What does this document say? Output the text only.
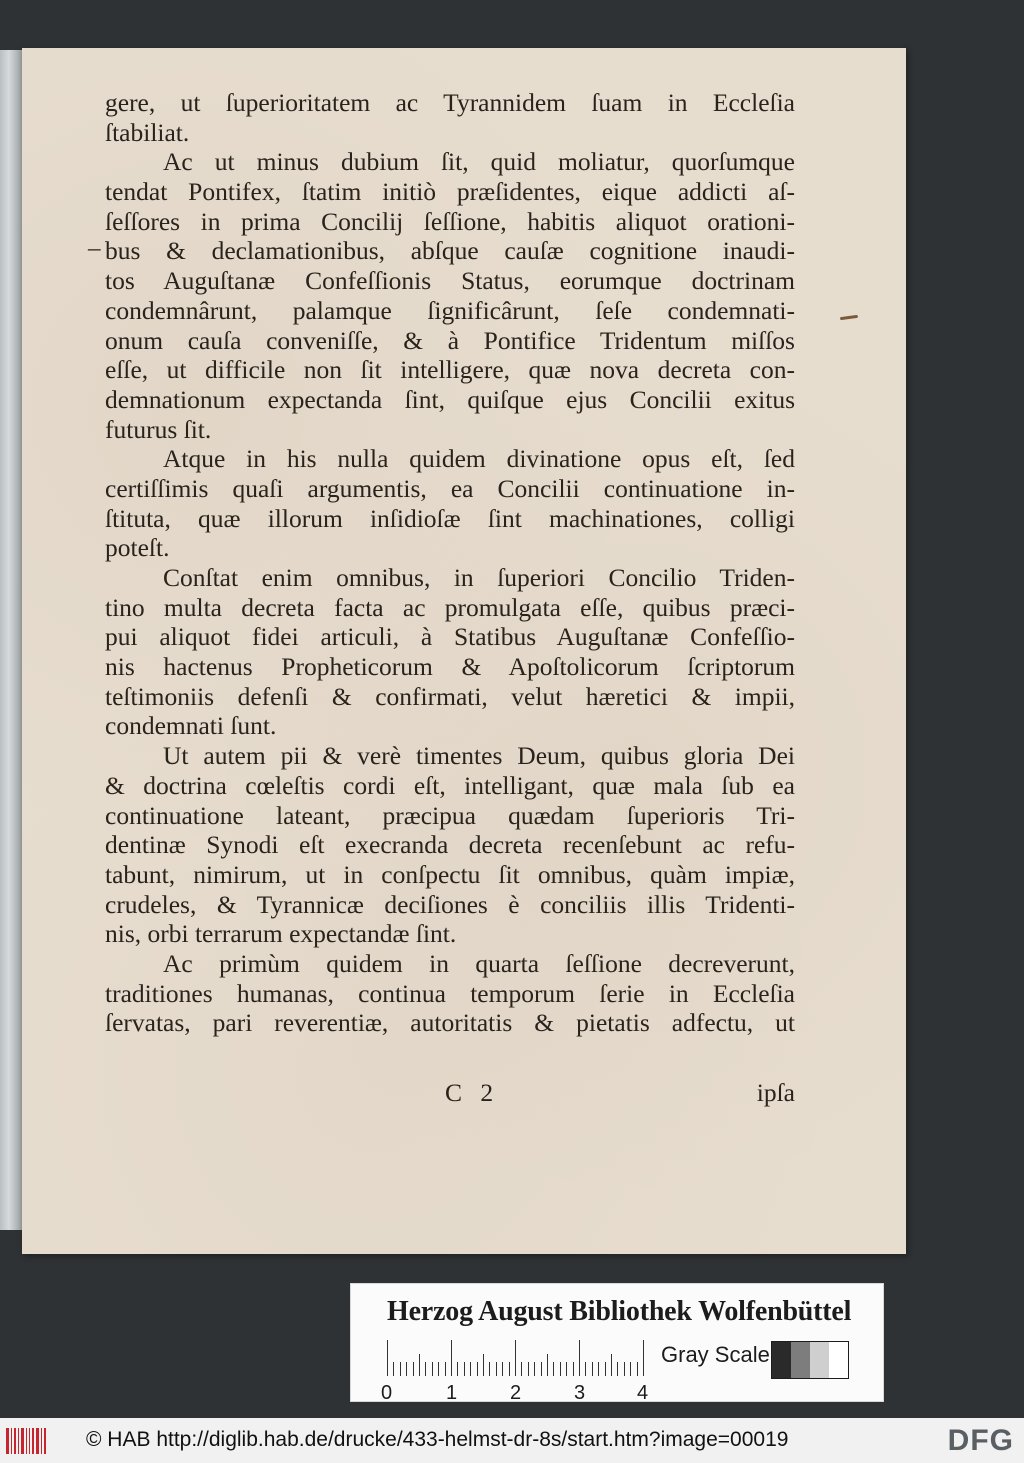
–
gere, ut ſuperioritatem ac Tyrannidem ſuam in Eccleſia
ſtabiliat.
Ac ut minus dubium ſit, quid moliatur, quorſumque
tendat Pontifex, ſtatim initiò præſidentes, eique addicti aſ-
ſeſſores in prima Concilij ſeſſione, habitis aliquot orationi-
bus & declamationibus, abſque cauſæ cognitione inaudi-
tos Auguſtanæ Confeſſionis Status, eorumque doctrinam
condemnârunt, palamque ſignificârunt, ſeſe condemnati-
onum cauſa conveniſſe, & à Pontifice Tridentum miſſos
eſſe, ut difficile non ſit intelligere, quæ nova decreta con-
demnationum expectanda ſint, quiſque ejus Concilii exitus
futurus ſit.
Atque in his nulla quidem divinatione opus eſt, ſed
certiſſimis quaſi argumentis, ea Concilii continuatione in-
ſtituta, quæ illorum inſidioſæ ſint machinationes, colligi
poteſt.
Conſtat enim omnibus, in ſuperiori Concilio Triden-
tino multa decreta facta ac promulgata eſſe, quibus præci-
pui aliquot fidei articuli, à Statibus Auguſtanæ Confeſſio-
nis hactenus Propheticorum & Apoſtolicorum ſcriptorum
teſtimoniis defenſi & confirmati, velut hæretici & impii,
condemnati ſunt.
Ut autem pii & verè timentes Deum, quibus gloria Dei
& doctrina cœleſtis cordi eſt, intelligant, quæ mala ſub ea
continuatione lateant, præcipua quædam ſuperioris Tri-
dentinæ Synodi eſt execranda decreta recenſebunt ac refu-
tabunt, nimirum, ut in conſpectu ſit omnibus, quàm impiæ,
crudeles, & Tyrannicæ deciſiones è conciliis illis Tridenti-
nis, orbi terrarum expectandæ ſint.
Ac primùm quidem in quarta ſeſſione decreverunt,
traditiones humanas, continua temporum ſerie in Eccleſia
ſervatas, pari reverentiæ, autoritatis & pietatis adfectu, ut
C 2	ipſa
Herzog August Bibliothek Wolfenbüttel
0	1	2	3	4
Gray Scale
© HAB http://diglib.hab.de/drucke/433-helmst-dr-8s/start.htm?image=00019	DFG
